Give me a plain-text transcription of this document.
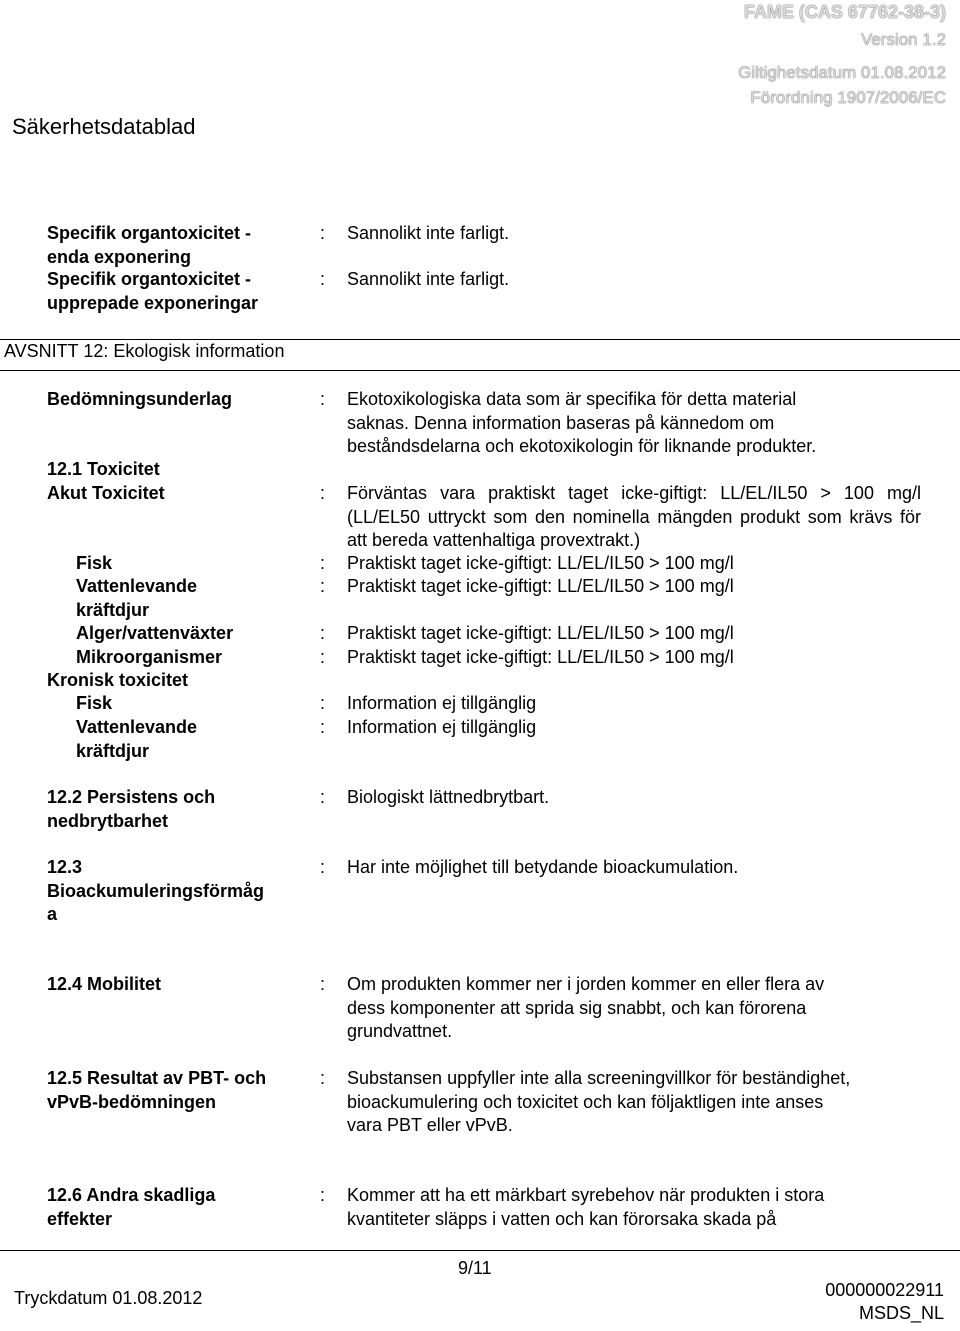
FAME (CAS 67762-38-3)
Version 1.2
Giltighetsdatum 01.08.2012
Förordning 1907/2006/EC
Säkerhetsdatablad
Specifik organtoxicitet -
enda exponering
: Sannolikt inte farligt.
Specifik organtoxicitet -
upprepade exponeringar
: Sannolikt inte farligt.
AVSNITT 12: Ekologisk information
Bedömningsunderlag	: Ekotoxikologiska data som är specifika för detta material
saknas. Denna information baseras på kännedom om
beståndsdelarna och ekotoxikologin för liknande produkter.
12.1 Toxicitet
Akut Toxicitet	: Förväntas vara praktiskt taget icke-giftigt: LL/EL/IL50 > 100 mg/l (LL/EL50 uttryckt som den nominella mängden produkt som krävs för att bereda vattenhaltiga provextrakt.)
Fisk	: Praktiskt taget icke-giftigt: LL/EL/IL50 > 100 mg/l
Vattenlevande
kräftdjur
: Praktiskt taget icke-giftigt: LL/EL/IL50 > 100 mg/l
Alger/vattenväxter	: Praktiskt taget icke-giftigt: LL/EL/IL50 > 100 mg/l
Mikroorganismer	: Praktiskt taget icke-giftigt: LL/EL/IL50 > 100 mg/l
Kronisk toxicitet
Fisk	: Information ej tillgänglig
Vattenlevande
kräftdjur
: Information ej tillgänglig
12.2 Persistens och
nedbrytbarhet
: Biologiskt lättnedbrytbart.
12.3
Bioackumuleringsförmåg
a
: Har inte möjlighet till betydande bioackumulation.
12.4 Mobilitet	: Om produkten kommer ner i jorden kommer en eller flera av
dess komponenter att sprida sig snabbt, och kan förorena
grundvattnet.
12.5 Resultat av PBT- och
vPvB-bedömningen
: Substansen uppfyller inte alla screeningvillkor för beständighet,
bioackumulering och toxicitet och kan följaktligen inte anses
vara PBT eller vPvB.
12.6 Andra skadliga
effekter
: Kommer att ha ett märkbart syrebehov när produkten i stora
kvantiteter släpps i vatten och kan förorsaka skada på
9/11
Tryckdatum 01.08.2012	000000022911
MSDS_NL
